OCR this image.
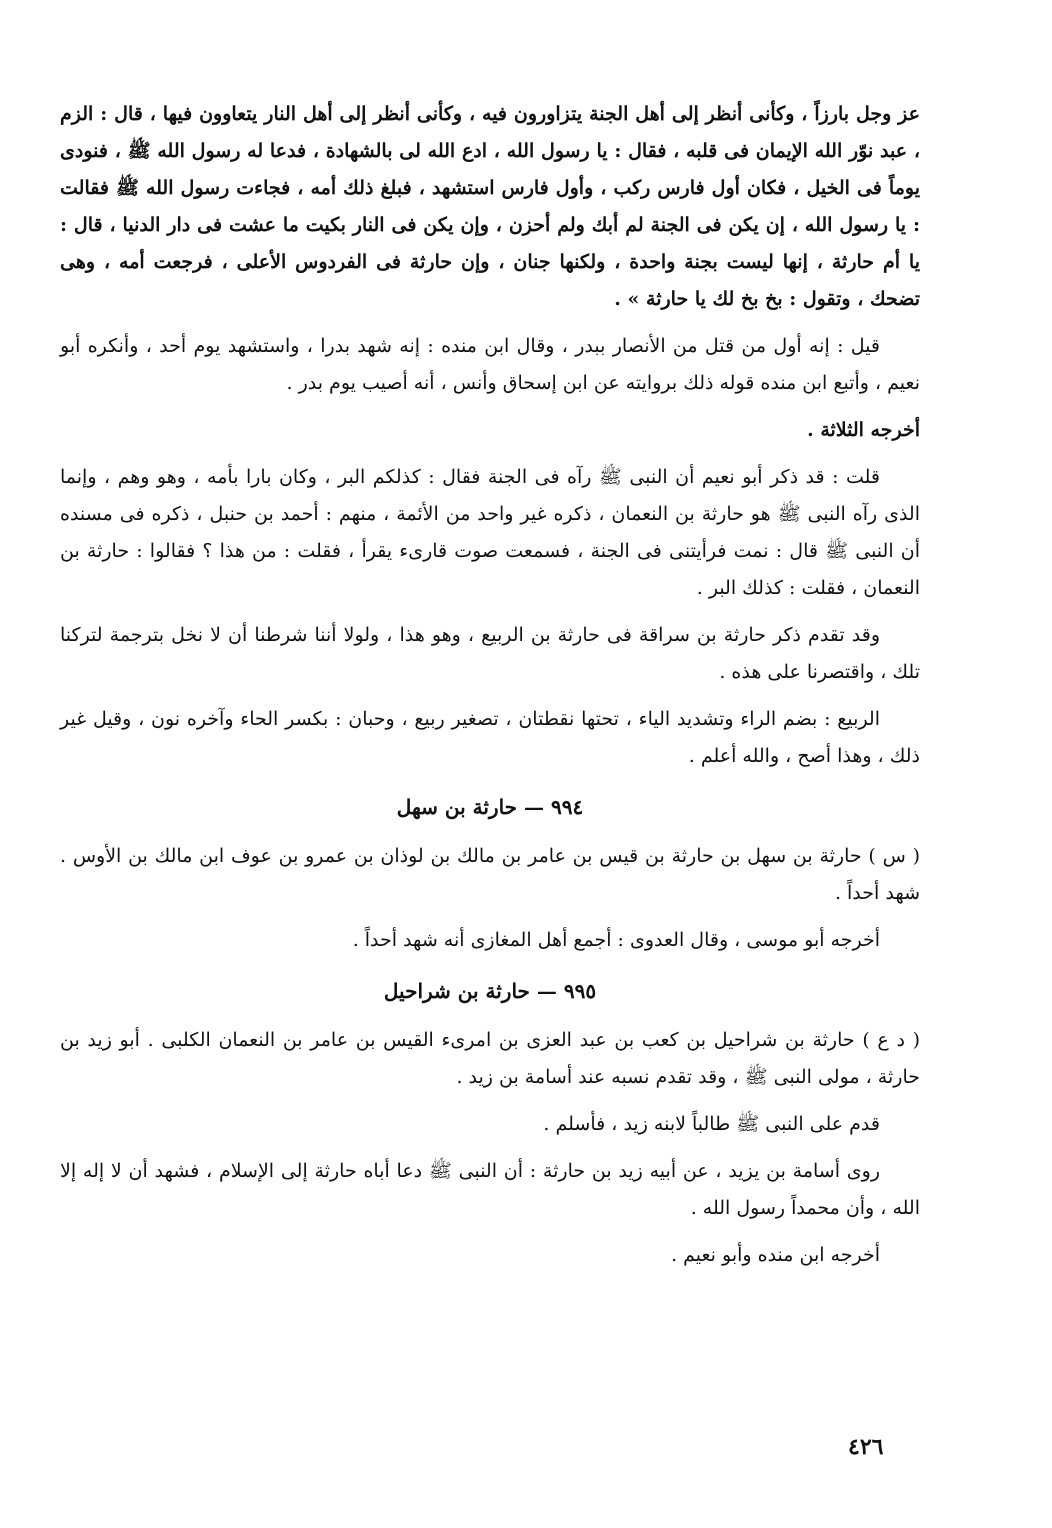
عز وجل بارزاً ، وكأنى أنظر إلى أهل الجنة يتزاورون فيه ، وكأنى أنظر إلى أهل النار يتعاوون فيها ، قال : الزم ، عبد نوّر الله الإيمان فى قلبه ، فقال : يا رسول الله ، ادع الله لى بالشهادة ، فدعا له رسول الله ﷺ ، فنودى يوماً فى الخيل ، فكان أول فارس ركب ، وأول فارس استشهد ، فبلغ ذلك أمه ، فجاءت رسول الله ﷺ فقالت : يا رسول الله ، إن يكن فى الجنة لم أبك ولم أحزن ، وإن يكن فى النار بكيت ما عشت فى دار الدنيا ، قال : يا أم حارثة ، إنها ليست بجنة واحدة ، ولكنها جنان ، وإن حارثة فى الفردوس الأعلى ، فرجعت أمه ، وهى تضحك ، وتقول : بخ بخ لك يا حارثة » .

قيل : إنه أول من قتل من الأنصار ببدر ، وقال ابن منده : إنه شهد بدرا ، واستشهد يوم أحد ، وأنكره أبو نعيم ، وأتبع ابن منده قوله ذلك بروايته عن ابن إسحاق وأنس ، أنه أصيب يوم بدر .

أخرجه الثلاثة .

قلت : قد ذكر أبو نعيم أن النبى ﷺ رآه فى الجنة فقال : كذلكم البر ، وكان بارا بأمه ، وهو وهم ، وإنما الذى رآه النبى ﷺ هو حارثة بن النعمان ، ذكره غير واحد من الأئمة ، منهم : أحمد بن حنبل ، ذكره فى مسنده أن النبى ﷺ قال : نمت فرأيتنى فى الجنة ، فسمعت صوت قارىء يقرأ ، فقلت : من هذا ؟ فقالوا : حارثة بن النعمان ، فقلت : كذلك البر .

وقد تقدم ذكر حارثة بن سراقة فى حارثة بن الربيع ، وهو هذا ، ولولا أننا شرطنا أن لا نخل بترجمة لتركنا تلك ، واقتصرنا على هذه .

الربيع : بضم الراء وتشديد الياء ، تحتها نقطتان ، تصغير ربيع ، وحبان : بكسر الحاء وآخره نون ، وقيل غير ذلك ، وهذا أصح ، والله أعلم .

٩٩٤ — حارثة بن سهل

( س ) حارثة بن سهل بن حارثة بن قيس بن عامر بن مالك بن لوذان بن عمرو بن عوف ابن مالك بن الأوس . شهد أحداً .

أخرجه أبو موسى ، وقال العدوى : أجمع أهل المغازى أنه شهد أحداً .

٩٩٥ — حارثة بن شراحيل

( د ع ) حارثة بن شراحيل بن كعب بن عبد العزى بن امرىء القيس بن عامر بن النعمان الكلبى . أبو زيد بن حارثة ، مولى النبى ﷺ ، وقد تقدم نسبه عند أسامة بن زيد .

قدم على النبى ﷺ طالباً لابنه زيد ، فأسلم .

روى أسامة بن يزيد ، عن أبيه زيد بن حارثة : أن النبى ﷺ دعا أباه حارثة إلى الإسلام ، فشهد أن لا إله إلا الله ، وأن محمداً رسول الله .

أخرجه ابن منده وأبو نعيم .

٤٢٦
